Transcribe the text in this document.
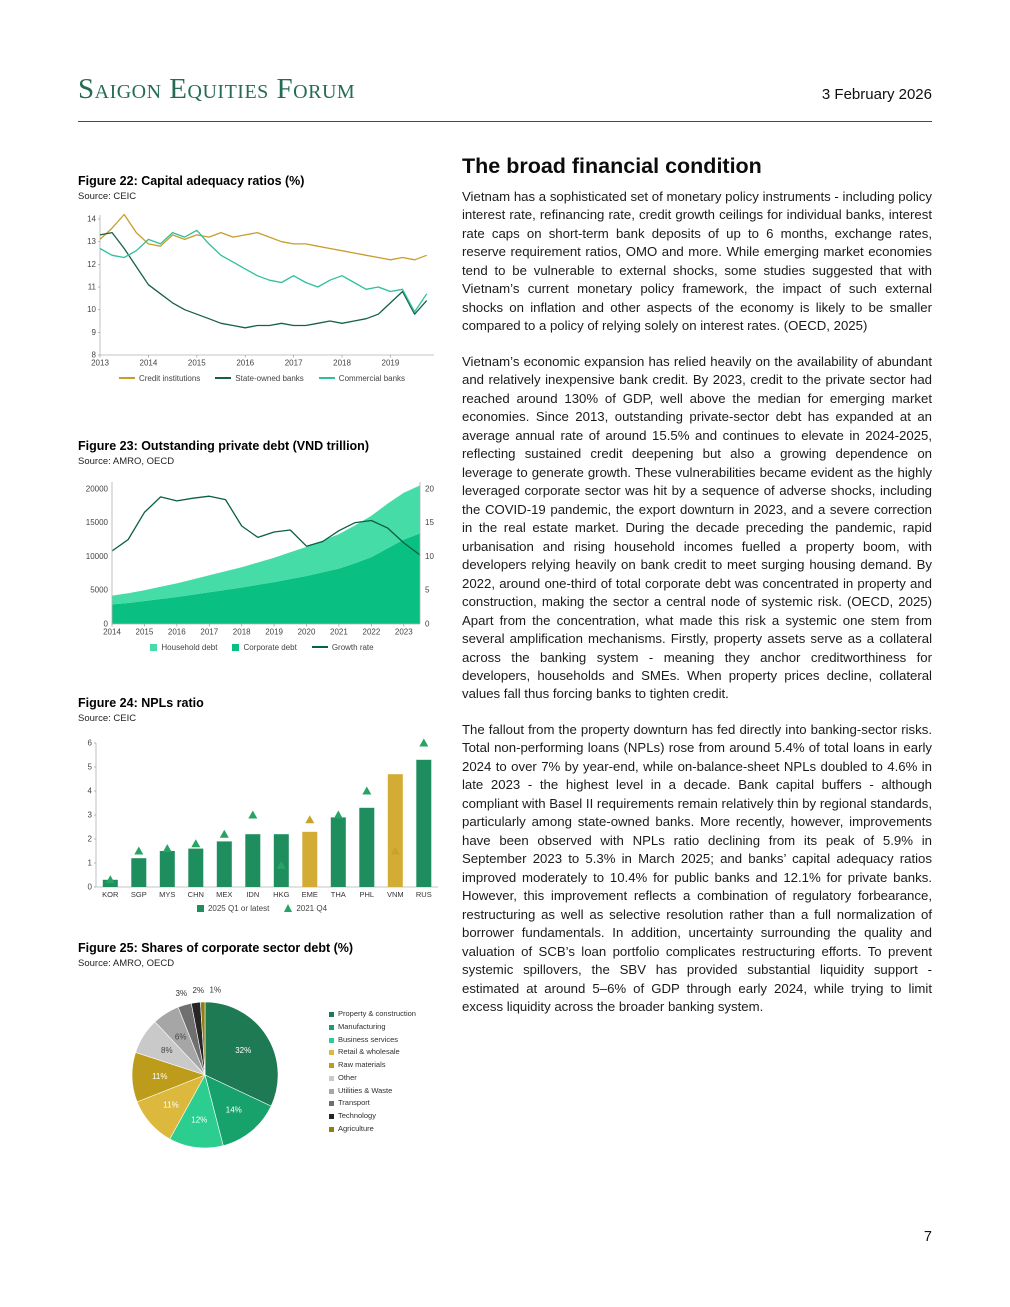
Saigon Equities Forum	3 February 2026
Figure 22: Capital adequacy ratios (%)
Source: CEIC
8
9
10
11
12
13
14
2013	2014	2015	2016	2017	2018	2019
Credit institutions	State-owned banks	Commercial banks
Figure 23: Outstanding private debt (VND trillion)
Source: AMRO, OECD
0
5000
10000
15000
20000
0
5
10
15
20
2014 2015 2016 2017 2018 2019 2020 2021 2022 2023
Household debt	Corporate debt	Growth rate
Figure 24: NPLs ratio
Source: CEIC
0
1
2
3
4
5
6
KOR SGP MYS CHN MEX IDN HKG EME THA PHL VNM RUS
2025 Q1 or latest	2021 Q4
Figure 25: Shares of corporate sector debt (%)
Source: AMRO, OECD
32%
14%
12%
11%
11%
8%
6%
3% 2% 1%
Property & construction
Manufacturing
Business services
Retail & wholesale
Raw materials
Other
Utilities & Waste
Transport
Technology
Agriculture
The broad financial condition

Vietnam has a sophisticated set of monetary policy instruments - including policy interest rate, refinancing rate, credit growth ceilings for individual banks, interest rate caps on short-term bank deposits of up to 6 months, exchange rates, reserve requirement ratios, OMO and more. While emerging market economies tend to be vulnerable to external shocks, some studies suggested that with Vietnam’s current monetary policy framework, the impact of such external shocks on inflation and other aspects of the economy is likely to be smaller compared to a policy of relying solely on interest rates. (OECD, 2025)

Vietnam’s economic expansion has relied heavily on the availability of abundant and relatively inexpensive bank credit. By 2023, credit to the private sector had reached around 130% of GDP, well above the median for emerging market economies. Since 2013, outstanding private-sector debt has expanded at an average annual rate of around 15.5% and continues to elevate in 2024-2025, reflecting sustained credit deepening but also a growing dependence on leverage to generate growth. These vulnerabilities became evident as the highly leveraged corporate sector was hit by a sequence of adverse shocks, including the COVID-19 pandemic, the export downturn in 2023, and a severe correction in the real estate market. During the decade preceding the pandemic, rapid urbanisation and rising household incomes fuelled a property boom, with developers relying heavily on bank credit to meet surging housing demand. By 2022, around one-third of total corporate debt was concentrated in property and construction, making the sector a central node of systemic risk. (OECD, 2025) Apart from the concentration, what made this risk a systemic one stem from several amplification mechanisms. Firstly, property assets serve as a collateral across the banking system - meaning they anchor creditworthiness for developers, households and SMEs. When property prices decline, collateral values fall thus forcing banks to tighten credit.

The fallout from the property downturn has fed directly into banking-sector risks. Total non-performing loans (NPLs) rose from around 5.4% of total loans in early 2024 to over 7% by year-end, while on-balance-sheet NPLs doubled to 4.6% in late 2023 - the highest level in a decade. Bank capital buffers - although compliant with Basel II requirements remain relatively thin by regional standards, particularly among state-owned banks. More recently, however, improvements have been observed with NPLs ratio declining from its peak of 5.9% in September 2023 to 5.3% in March 2025; and banks’ capital adequacy ratios improved moderately to 10.4% for public banks and 12.1% for private banks. However, this improvement reflects a combination of regulatory forbearance, restructuring as well as selective resolution rather than a full normalization of borrower fundamentals. In addition, uncertainty surrounding the quality and valuation of SCB’s loan portfolio complicates restructuring efforts. To prevent systemic spillovers, the SBV has provided substantial liquidity support - estimated at around 5–6% of GDP through early 2024, while trying to limit excess liquidity across the broader banking system.

7
